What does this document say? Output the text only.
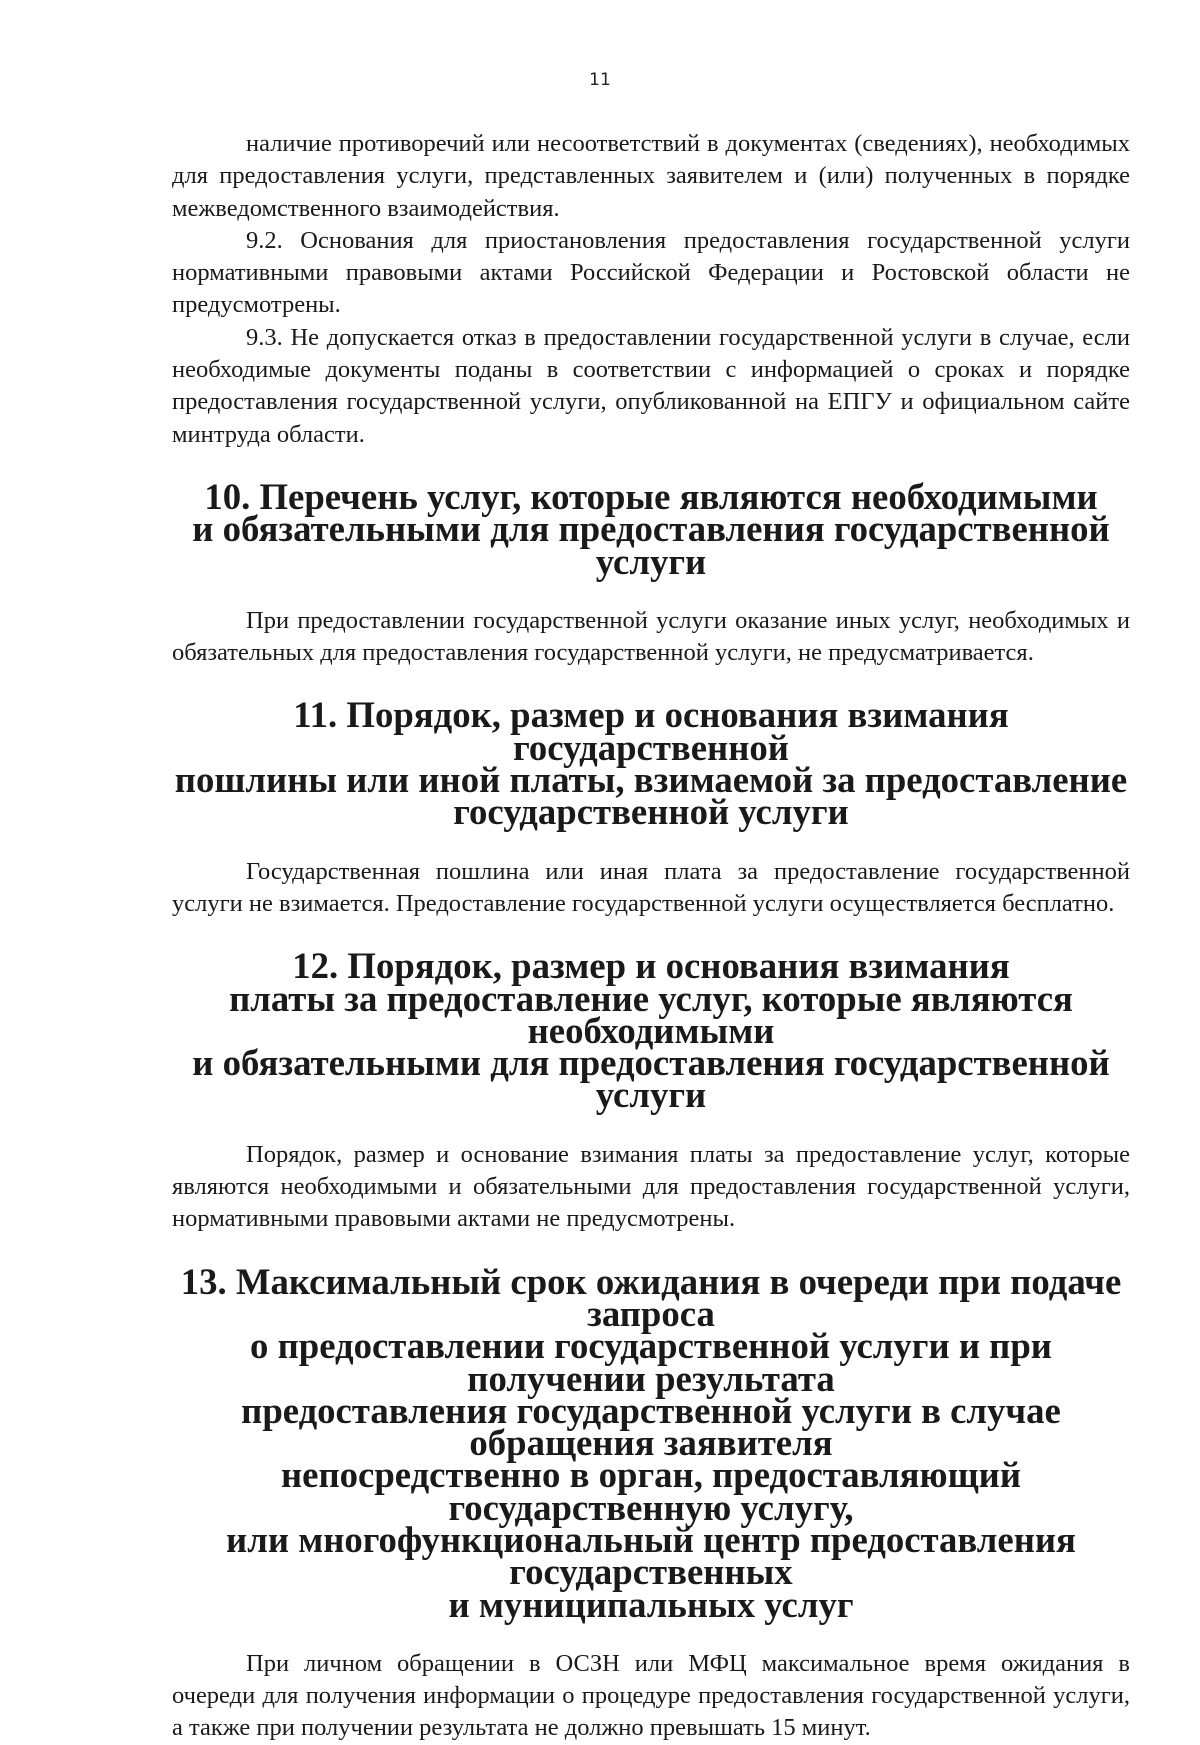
11

наличие противоречий или несоответствий в документах (сведениях), необходимых для предоставления услуги, представленных заявителем и (или) полученных в порядке межведомственного взаимодействия.

9.2. Основания для приостановления предоставления государственной услуги нормативными правовыми актами Российской Федерации и Ростовской области не предусмотрены.

9.3. Не допускается отказ в предоставлении государственной услуги в случае, если необходимые документы поданы в соответствии с информацией о сроках и порядке предоставления государственной услуги, опубликованной на ЕПГУ и официальном сайте минтруда области.

10. Перечень услуг, которые являются необходимыми
и обязательными для предоставления государственной услуги

При предоставлении государственной услуги оказание иных услуг, необходимых и обязательных для предоставления государственной услуги, не предусматривается.

11. Порядок, размер и основания взимания государственной
пошлины или иной платы, взимаемой за предоставление
государственной услуги

Государственная пошлина или иная плата за предоставление государственной услуги не взимается. Предоставление государственной услуги осуществляется бесплатно.

12. Порядок, размер и основания взимания
платы за предоставление услуг, которые являются необходимыми
и обязательными для предоставления государственной услуги

Порядок, размер и основание взимания платы за предоставление услуг, которые являются необходимыми и обязательными для предоставления государственной услуги, нормативными правовыми актами не предусмотрены.

13. Максимальный срок ожидания в очереди при подаче запроса
о предоставлении государственной услуги и при получении результата
предоставления государственной услуги в случае обращения заявителя
непосредственно в орган, предоставляющий государственную услугу,
или многофункциональный центр предоставления государственных
и муниципальных услуг

При личном обращении в ОСЗН или МФЦ максимальное время ожидания в очереди для получения информации о процедуре предоставления государственной услуги, а также при получении результата не должно превышать 15 минут.
